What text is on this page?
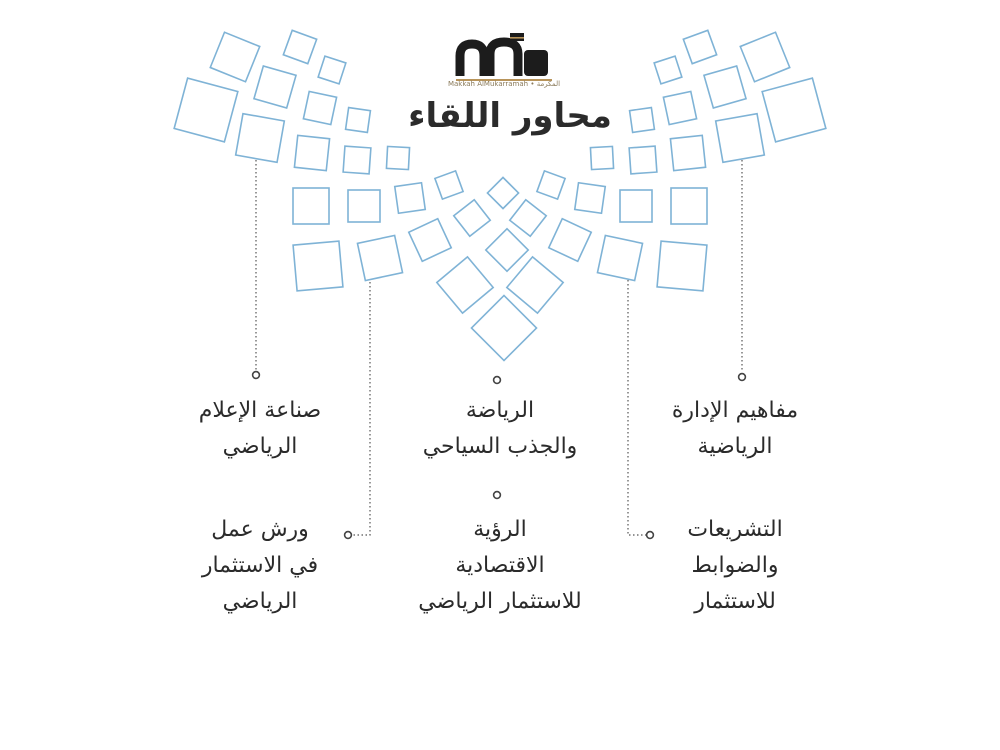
Makkah AlMukarramah • المكرمة
محاور اللقاء
صناعة الإعلام
الرياضي
الرياضة
والجذب السياحي
مفاهيم الإدارة
الرياضية
ورش عمل
في الاستثمار
الرياضي
الرؤية
الاقتصادية
للاستثمار الرياضي
التشريعات
والضوابط
للاستثمار
